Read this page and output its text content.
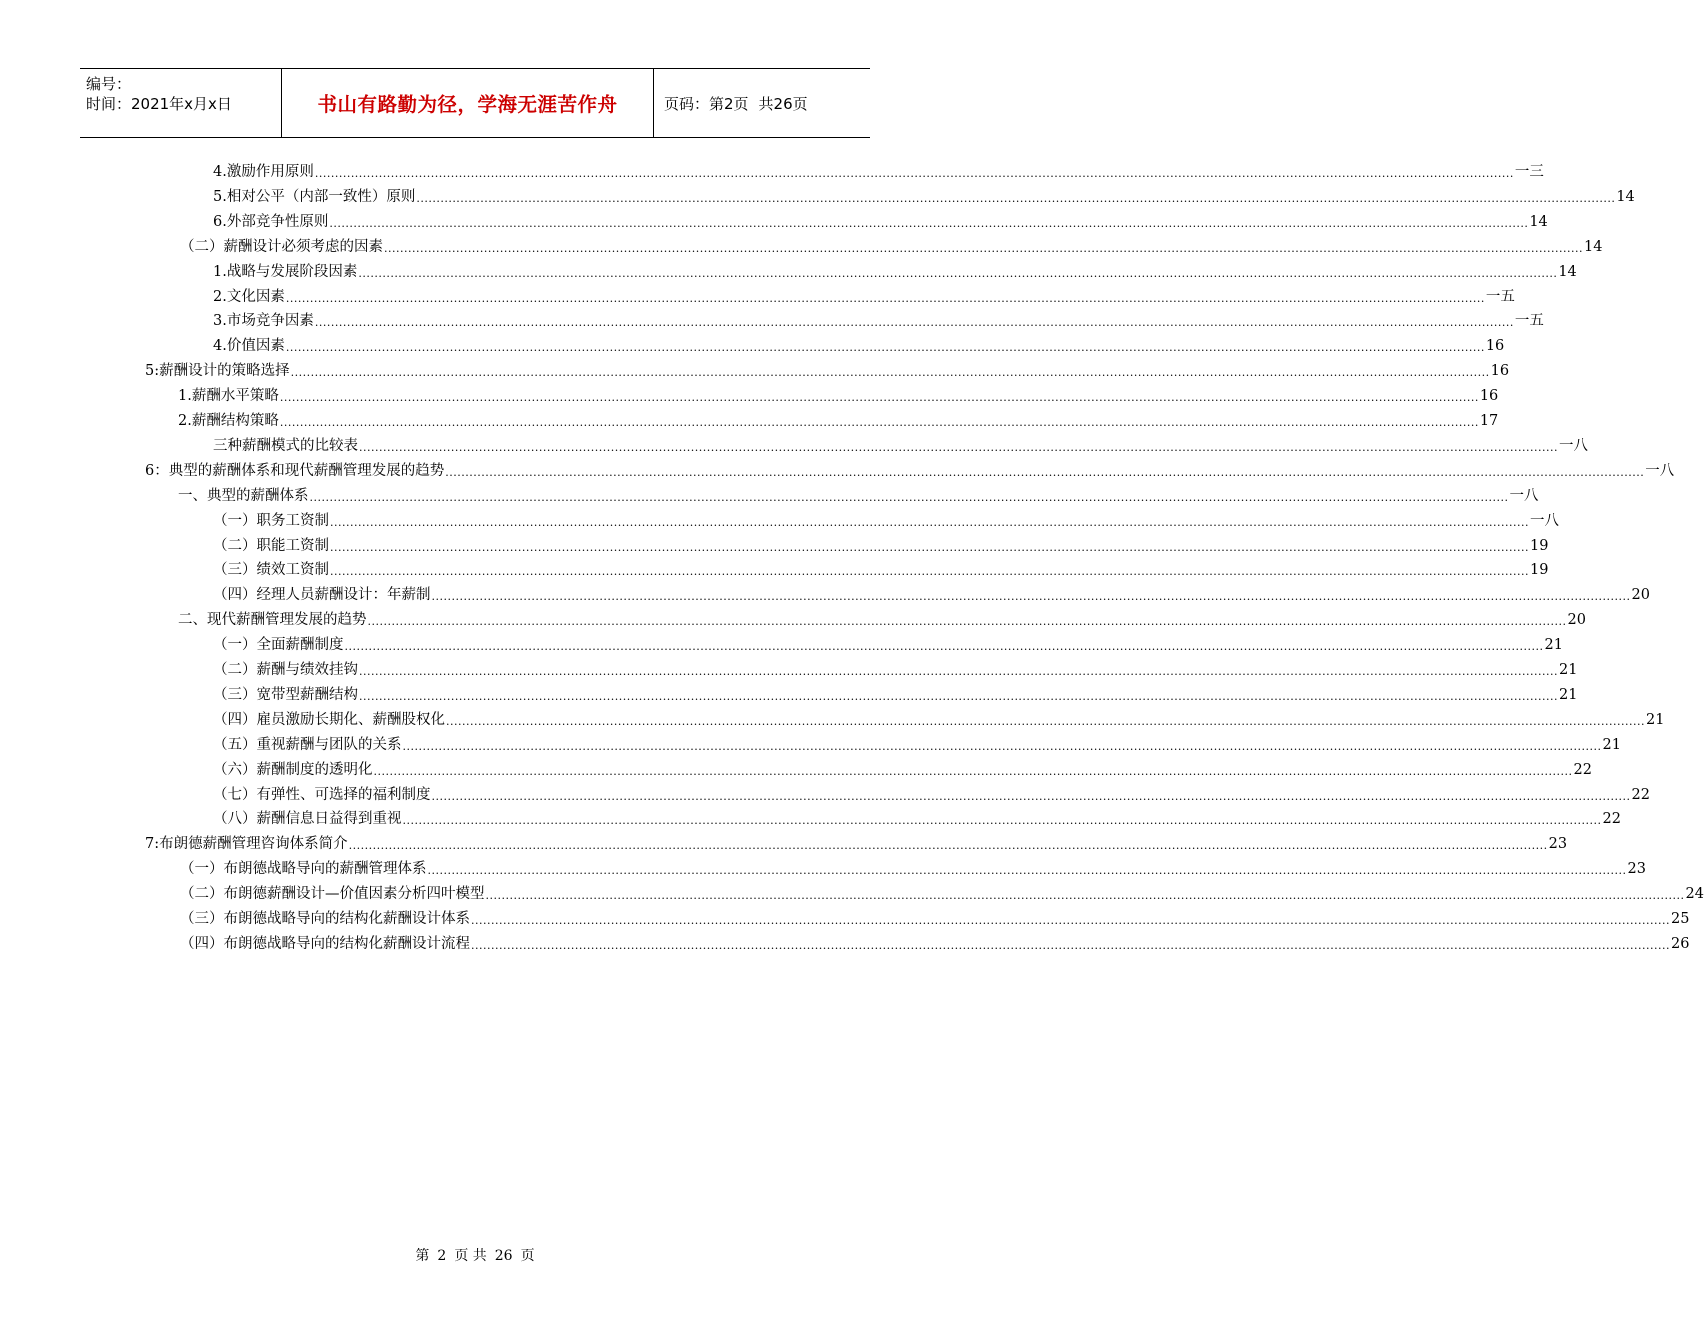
编号：
时间：2021年x月x日	书山有路勤为径，学海无涯苦作舟	页码：第2页 共26页
4.激励作用原则 ............................................................................................................................................................................................................................................................................................................ 一三
5.相对公平（内部一致性）原则 ............................................................................................................................................................................................................................................................................................................ 14
6.外部竞争性原则 ............................................................................................................................................................................................................................................................................................................ 14
（二）薪酬设计必须考虑的因素 ............................................................................................................................................................................................................................................................................................................ 14
1.战略与发展阶段因素 ............................................................................................................................................................................................................................................................................................................ 14
2.文化因素 ............................................................................................................................................................................................................................................................................................................ 一五
3.市场竞争因素 ............................................................................................................................................................................................................................................................................................................ 一五
4.价值因素 ............................................................................................................................................................................................................................................................................................................ 16
5:薪酬设计的策略选择 ............................................................................................................................................................................................................................................................................................................ 16
1.薪酬水平策略 ............................................................................................................................................................................................................................................................................................................ 16
2.薪酬结构策略 ............................................................................................................................................................................................................................................................................................................ 17
三种薪酬模式的比较表 ............................................................................................................................................................................................................................................................................................................ 一八
6：典型的薪酬体系和现代薪酬管理发展的趋势 ............................................................................................................................................................................................................................................................................................................ 一八
一、典型的薪酬体系 ............................................................................................................................................................................................................................................................................................................ 一八
（一）职务工资制 ............................................................................................................................................................................................................................................................................................................ 一八
（二）职能工资制 ............................................................................................................................................................................................................................................................................................................ 19
（三）绩效工资制 ............................................................................................................................................................................................................................................................................................................ 19
（四）经理人员薪酬设计：年薪制 ............................................................................................................................................................................................................................................................................................................ 20
二、现代薪酬管理发展的趋势 ............................................................................................................................................................................................................................................................................................................ 20
（一）全面薪酬制度 ............................................................................................................................................................................................................................................................................................................ 21
（二）薪酬与绩效挂钩 ............................................................................................................................................................................................................................................................................................................ 21
（三）宽带型薪酬结构 ............................................................................................................................................................................................................................................................................................................ 21
（四）雇员激励长期化、薪酬股权化 ............................................................................................................................................................................................................................................................................................................ 21
（五）重视薪酬与团队的关系 ............................................................................................................................................................................................................................................................................................................ 21
（六）薪酬制度的透明化 ............................................................................................................................................................................................................................................................................................................ 22
（七）有弹性、可选择的福利制度 ............................................................................................................................................................................................................................................................................................................ 22
（八）薪酬信息日益得到重视 ............................................................................................................................................................................................................................................................................................................ 22
7:布朗德薪酬管理咨询体系简介 ............................................................................................................................................................................................................................................................................................................ 23
（一）布朗德战略导向的薪酬管理体系 ............................................................................................................................................................................................................................................................................................................ 23
（二）布朗德薪酬设计—价值因素分析四叶模型 ............................................................................................................................................................................................................................................................................................................ 24
（三）布朗德战略导向的结构化薪酬设计体系 ............................................................................................................................................................................................................................................................................................................ 25
（四）布朗德战略导向的结构化薪酬设计流程 ............................................................................................................................................................................................................................................................................................................ 26
第 2 页 共 26 页
